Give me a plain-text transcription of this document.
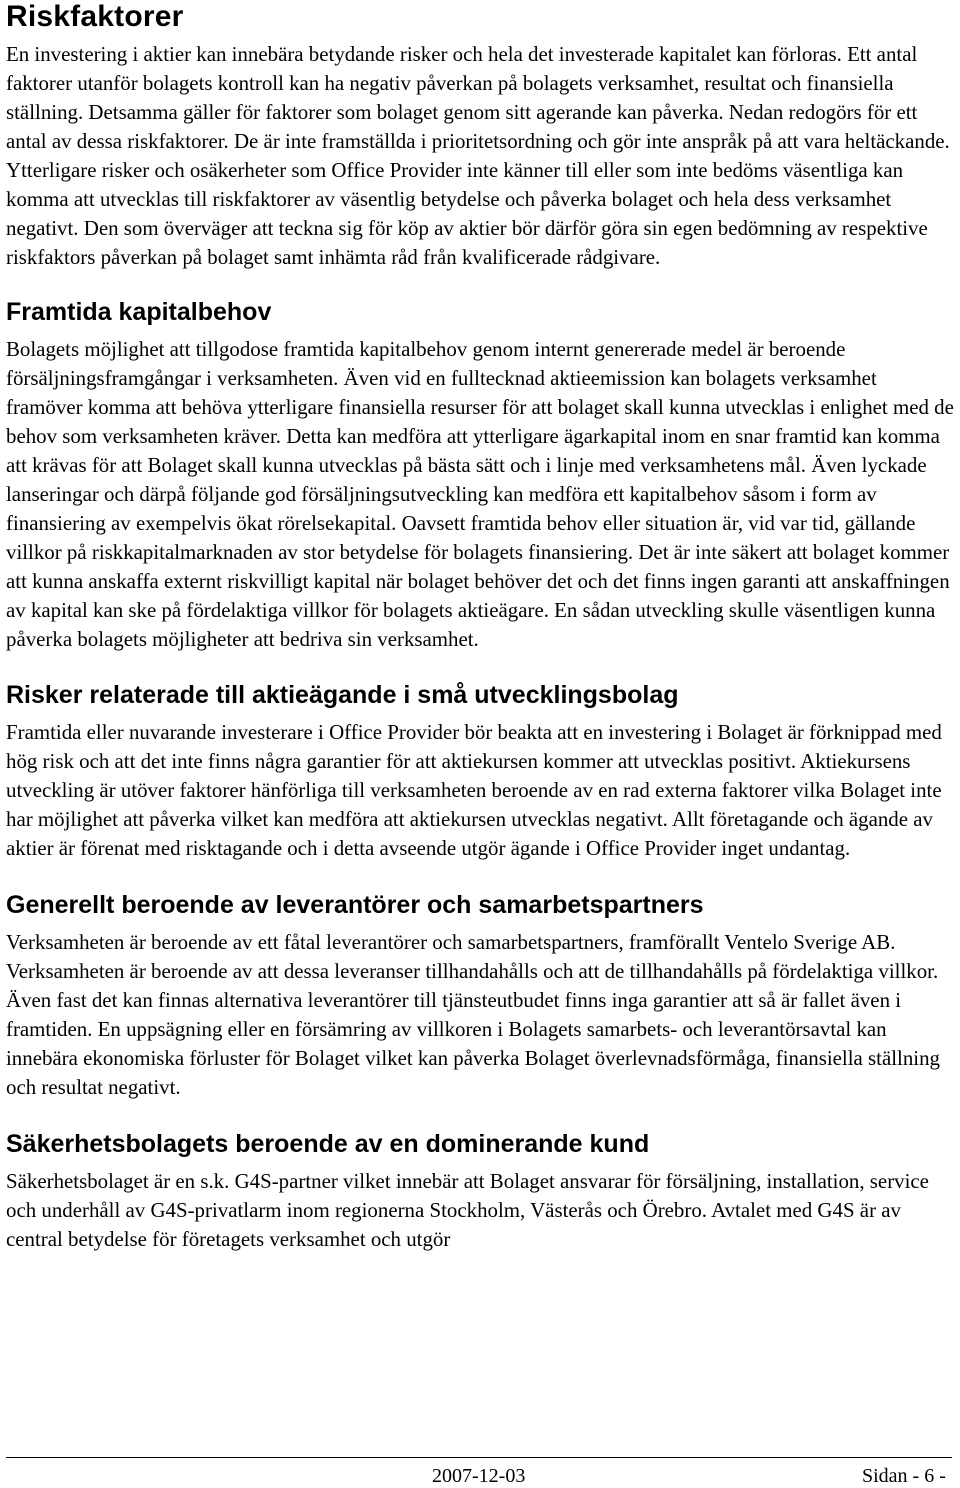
Riskfaktorer

En investering i aktier kan innebära betydande risker och hela det investerade kapitalet kan förloras. Ett antal faktorer utanför bolagets kontroll kan ha negativ påverkan på bolagets verksamhet, resultat och finansiella ställning. Detsamma gäller för faktorer som bolaget genom sitt agerande kan påverka. Nedan redogörs för ett antal av dessa riskfaktorer. De är inte framställda i prioritetsordning och gör inte anspråk på att vara heltäckande. Ytterligare risker och osäkerheter som Office Provider inte känner till eller som inte bedöms väsentliga kan komma att utvecklas till riskfaktorer av väsentlig betydelse och påverka bolaget och hela dess verksamhet negativt. Den som överväger att teckna sig för köp av aktier bör därför göra sin egen bedömning av respektive riskfaktors påverkan på bolaget samt inhämta råd från kvalificerade rådgivare.

Framtida kapitalbehov

Bolagets möjlighet att tillgodose framtida kapitalbehov genom internt genererade medel är beroende försäljningsframgångar i verksamheten. Även vid en fulltecknad aktieemission kan bolagets verksamhet framöver komma att behöva ytterligare finansiella resurser för att bolaget skall kunna utvecklas i enlighet med de behov som verksamheten kräver. Detta kan medföra att ytterligare ägarkapital inom en snar framtid kan komma att krävas för att Bolaget skall kunna utvecklas på bästa sätt och i linje med verksamhetens mål. Även lyckade lanseringar och därpå följande god försäljningsutveckling kan medföra ett kapitalbehov såsom i form av finansiering av exempelvis ökat rörelsekapital. Oavsett framtida behov eller situation är, vid var tid, gällande villkor på riskkapitalmarknaden av stor betydelse för bolagets finansiering. Det är inte säkert att bolaget kommer att kunna anskaffa externt riskvilligt kapital när bolaget behöver det och det finns ingen garanti att anskaffningen av kapital kan ske på fördelaktiga villkor för bolagets aktieägare. En sådan utveckling skulle väsentligen kunna påverka bolagets möjligheter att bedriva sin verksamhet.

Risker relaterade till aktieägande i små utvecklingsbolag

Framtida eller nuvarande investerare i Office Provider bör beakta att en investering i Bolaget är förknippad med hög risk och att det inte finns några garantier för att aktiekursen kommer att utvecklas positivt. Aktiekursens utveckling är utöver faktorer hänförliga till verksamheten beroende av en rad externa faktorer vilka Bolaget inte har möjlighet att påverka vilket kan medföra att aktiekursen utvecklas negativt. Allt företagande och ägande av aktier är förenat med risktagande och i detta avseende utgör ägande i Office Provider inget undantag.

Generellt beroende av leverantörer och samarbetspartners

Verksamheten är beroende av ett fåtal leverantörer och samarbetspartners, framförallt Ventelo Sverige AB. Verksamheten är beroende av att dessa leveranser tillhandahålls och att de tillhandahålls på fördelaktiga villkor. Även fast det kan finnas alternativa leverantörer till tjänsteutbudet finns inga garantier att så är fallet även i framtiden. En uppsägning eller en försämring av villkoren i Bolagets samarbets- och leverantörsavtal kan innebära ekonomiska förluster för Bolaget vilket kan påverka Bolaget överlevnadsförmåga, finansiella ställning och resultat negativt.

Säkerhetsbolagets beroende av en dominerande kund

Säkerhetsbolaget är en s.k. G4S-partner vilket innebär att Bolaget ansvarar för försäljning, installation, service och underhåll av G4S-privatlarm inom regionerna Stockholm, Västerås och Örebro. Avtalet med G4S är av central betydelse för företagets verksamhet och utgör

2007-12-03	Sidan - 6 -
